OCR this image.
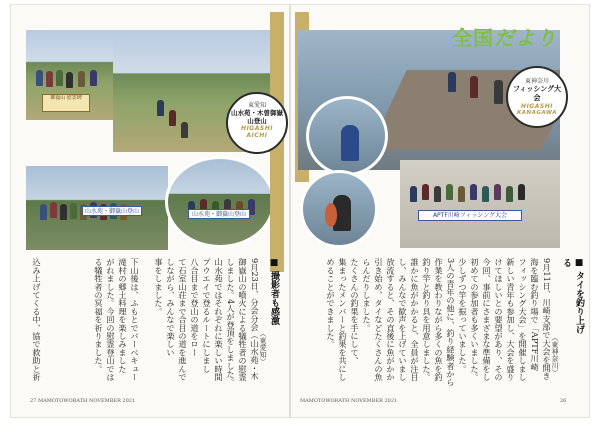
御嶽山 慰霊碑
山水苑・御嶽山登山	山水苑・御嶽山登山
東愛知
山水苑・木曽御嶽山登山
HIGASHI
AICHI
■ 撮影者も感激
（東愛知）
9月23日、分会分会（山水苑・木
御嶽山の噴火による犠牲者の慰霊
しました。4人が登頂をしました。
山水苑ではそれぞれに楽しい時間
プウエイで登るルートにしまし
八合目まで登山の道をロー
て石室山荘まで合目の道を進んで
しながら、みんなで楽しい
事をしました。
下山後は、ふもとでバーベキュー
滝村の郷土料理を楽しみました
がれました。今回の慰霊登山では
る犠牲者の冥福を祈りました。
込み上げてくる中、協で救助と祈
27 MAMOTOWORATH NOVEMBER 2021
APTF川崎フィッシング大会
全国だより
東神奈川
フィッシング大会
HIGASHI
KANAGAWA
■ タイを釣り上げる
（東神奈川）
9月11日、川崎支部で大会を開き
海を臨む釣り場で「APTF川崎
フィッシング大会」を開催しまし
新しい青年も参加し、大会を盛り
けてほしいとの要望があり、その
今回、事前にさまざまな準備をし
初めての参加者も多くいました。
少しずつ竿を振っていました。
3人の青年の他に、釣り経験者から
作業を教わりながら多くの魚を釣
釣り竿と釣り具を用意しました。
誰かに魚がかかると、全員が注目
し、みんなで歓声を上げていまし
放流すると、その直後に魚がかか
引き始め、タイなどたくさんの魚
らんだりしました。
たくさんの釣果を手にして、
集まったメンバーと釣果を共にし
めることができました。
MAMOTOWORATH NOVEMBER 2021	26
